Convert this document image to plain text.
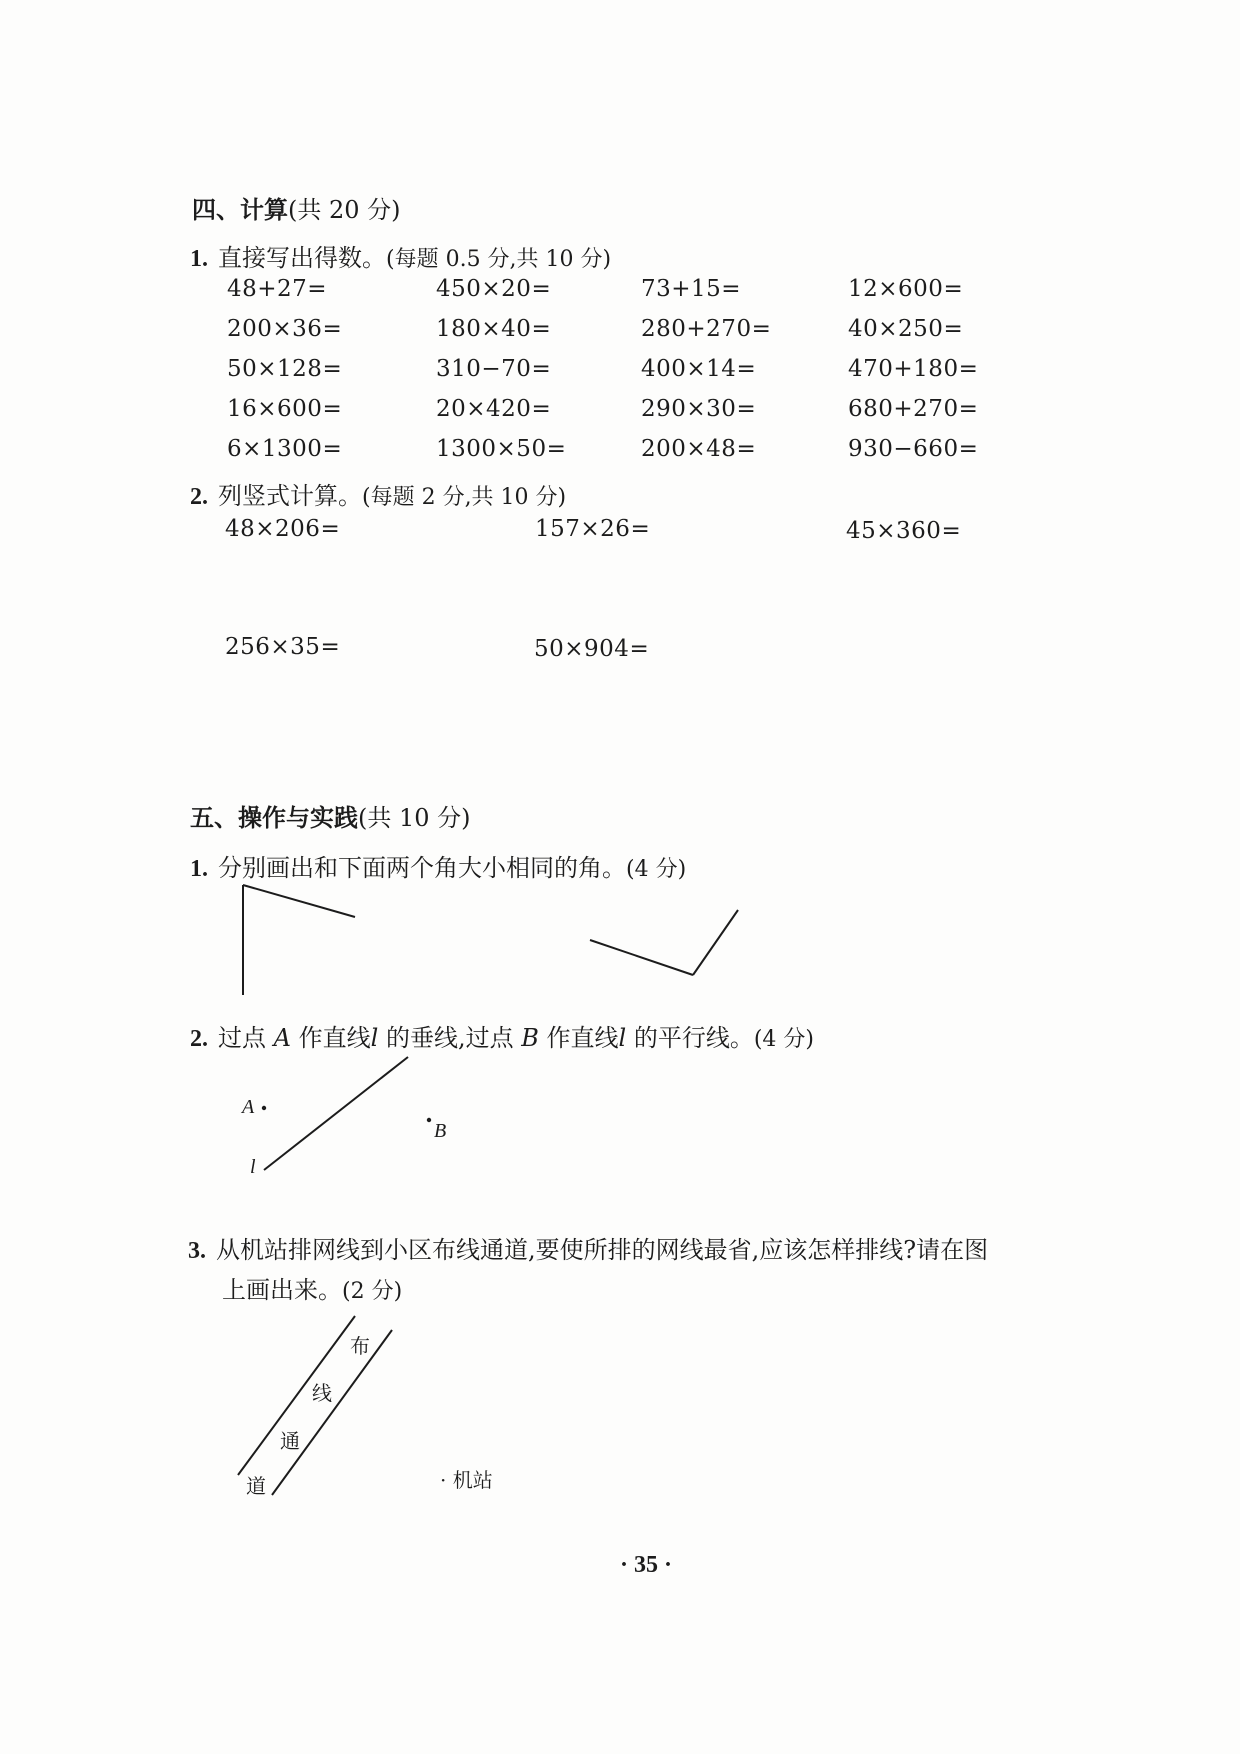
四、计算(共 20 分)
1. 直接写出得数。(每题 0.5 分,共 10 分)
48+27=	450×20=	73+15=	12×600=
200×36=	180×40=	280+270=	40×250=
50×128=	310−70=	400×14=	470+180=
16×600=	20×420=	290×30=	680+270=
6×1300=	1300×50=	200×48=	930−660=
2. 列竖式计算。(每题 2 分,共 10 分)
48×206=	157×26=	45×360=
256×35=	50×904=
五、操作与实践(共 10 分)
1. 分别画出和下面两个角大小相同的角。(4 分)
2. 过点 A 作直线l 的垂线,过点 B 作直线l 的平行线。(4 分)
A
B
l
3. 从机站排网线到小区布线通道,要使所排的网线最省,应该怎样排线?请在图
上画出来。(2 分)
布
线
通
道	· 机站
· 35 ·
